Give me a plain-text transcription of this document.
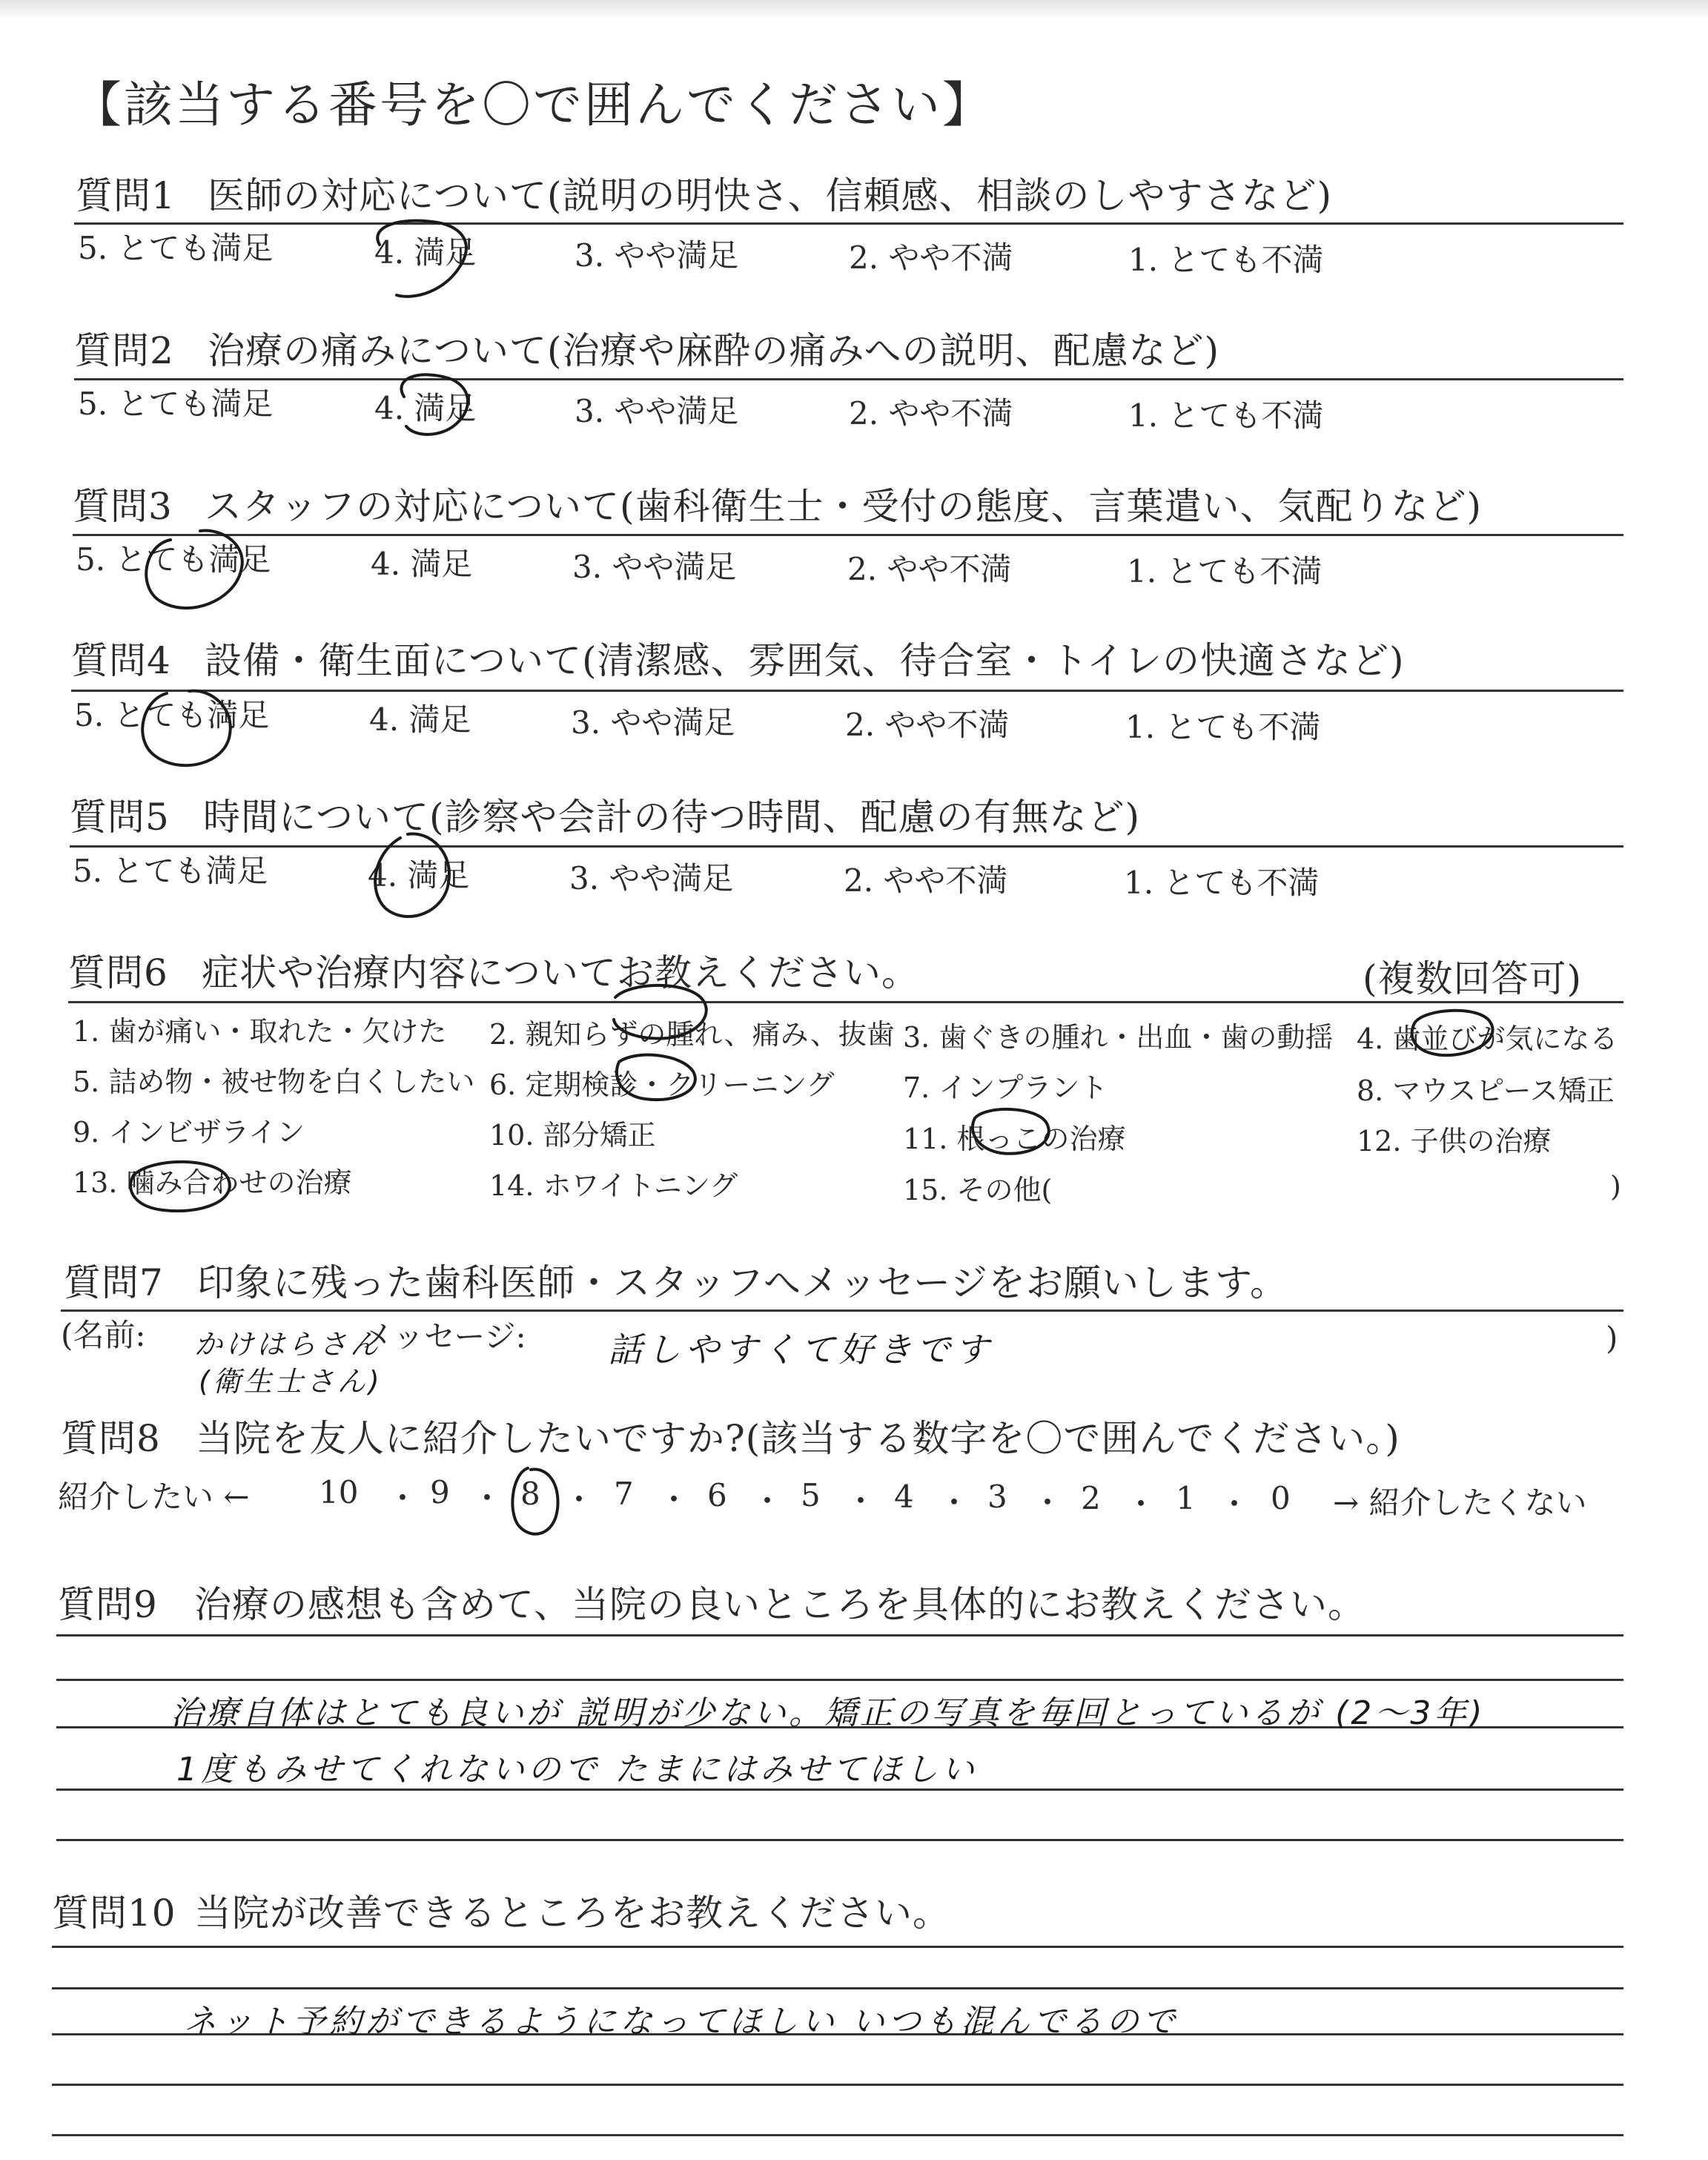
【該当する番号を〇で囲んでください】
質問1 医師の対応について(説明の明快さ、信頼感、相談のしやすさなど)
5. とても満足	4. 満足	3. やや満足	2. やや不満	1. とても不満
質問2 治療の痛みについて(治療や麻酔の痛みへの説明、配慮など)
5. とても満足	4. 満足	3. やや満足	2. やや不満	1. とても不満
質問3 スタッフの対応について(歯科衛生士・受付の態度、言葉遣い、気配りなど)
5. とても満足	4. 満足	3. やや満足	2. やや不満	1. とても不満
質問4 設備・衛生面について(清潔感、雰囲気、待合室・トイレの快適さなど)
5. とても満足	4. 満足	3. やや満足	2. やや不満	1. とても不満
質問5 時間について(診察や会計の待つ時間、配慮の有無など)
5. とても満足	4. 満足	3. やや満足	2. やや不満	1. とても不満
質問6 症状や治療内容についてお教えください。	(複数回答可)
1. 歯が痛い・取れた・欠けた 2. 親知らずの腫れ、痛み、抜歯 3. 歯ぐきの腫れ・出血・歯の動揺 4. 歯並びが気になる
5. 詰め物・被せ物を白くしたい 6. 定期検診・クリーニング 7. インプラント	8. マウスピース矯正
9. インビザライン	10. 部分矯正	11. 根っこの治療	12. 子供の治療
13. 噛み合わせの治療	14. ホワイトニング	15. その他(	)
質問7 印象に残った歯科医師・スタッフへメッセージをお願いします。
(名前:	メッセージ:	)
かけはらさん
(衛生士さん)
話しやすくて好きです
質問8 当院を友人に紹介したいですか?(該当する数字を〇で囲んでください。)
紹介したい ←	→ 紹介したくない
10 ・ 9 ・ 8 ・ 7 ・ 6 ・ 5 ・ 4 ・ 3 ・ 2 ・ 1 ・ 0
質問9 治療の感想も含めて、当院の良いところを具体的にお教えください。
治療自体はとても良いが 説明が少ない。矯正の写真を毎回とっているが (2〜3年)
1度もみせてくれないので たまにはみせてほしい
質問10 当院が改善できるところをお教えください。
ネット予約ができるようになってほしい いつも混んでるので
